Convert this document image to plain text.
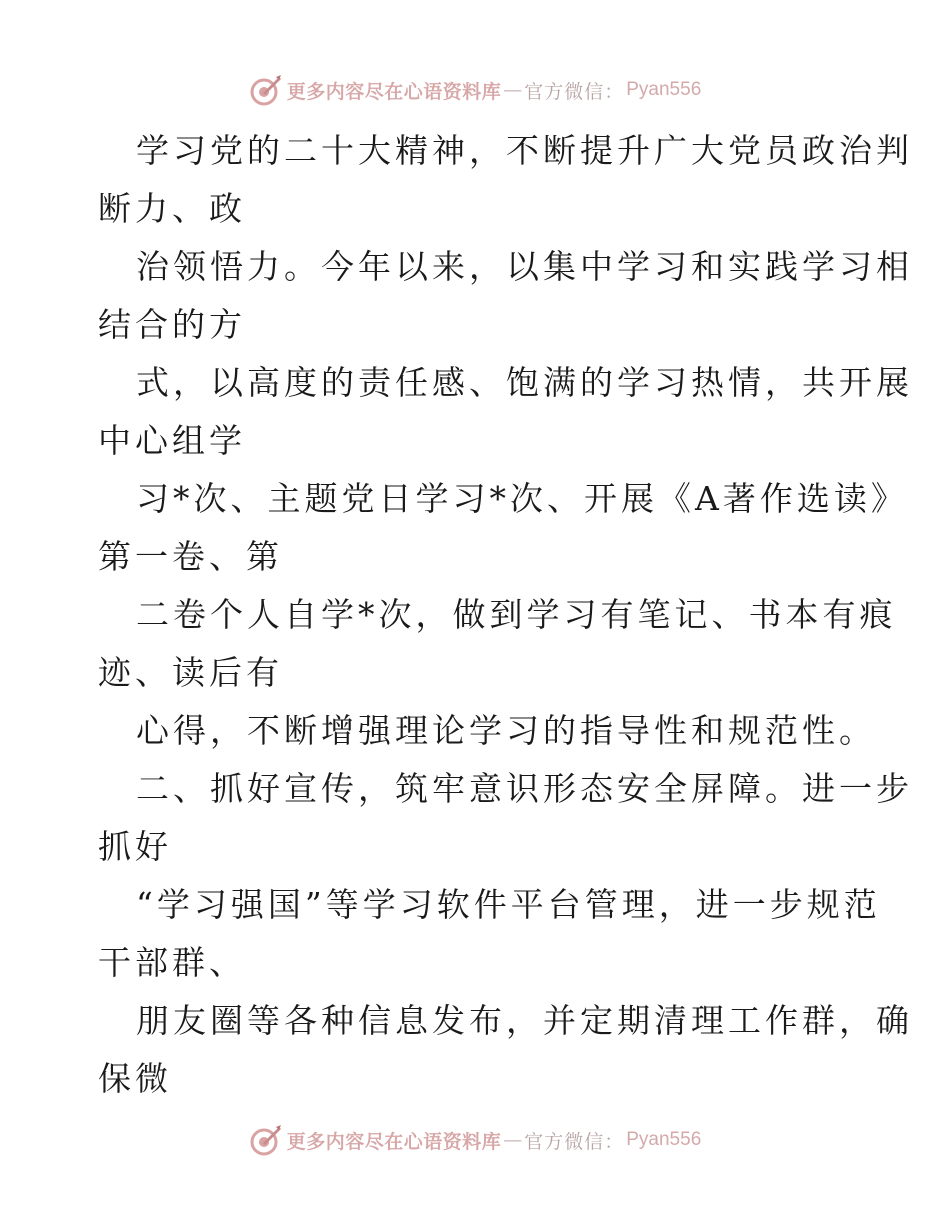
更多内容尽在心语资料库 — 官方微信： Pyan556
学习党的二十大精神，不断提升广大党员政治判
断力、政
治领悟力。今年以来，以集中学习和实践学习相
结合的方
式，以高度的责任感、饱满的学习热情，共开展
中心组学
习*次、主题党日学习*次、开展《A著作选读》
第一卷、第
二卷个人自学*次，做到学习有笔记、书本有痕
迹、读后有
心得，不断增强理论学习的指导性和规范性。
二、抓好宣传，筑牢意识形态安全屏障。进一步
抓好
“学习强国”等学习软件平台管理，进一步规范
干部群、
朋友圈等各种信息发布，并定期清理工作群，确
保微
更多内容尽在心语资料库 — 官方微信： Pyan556
